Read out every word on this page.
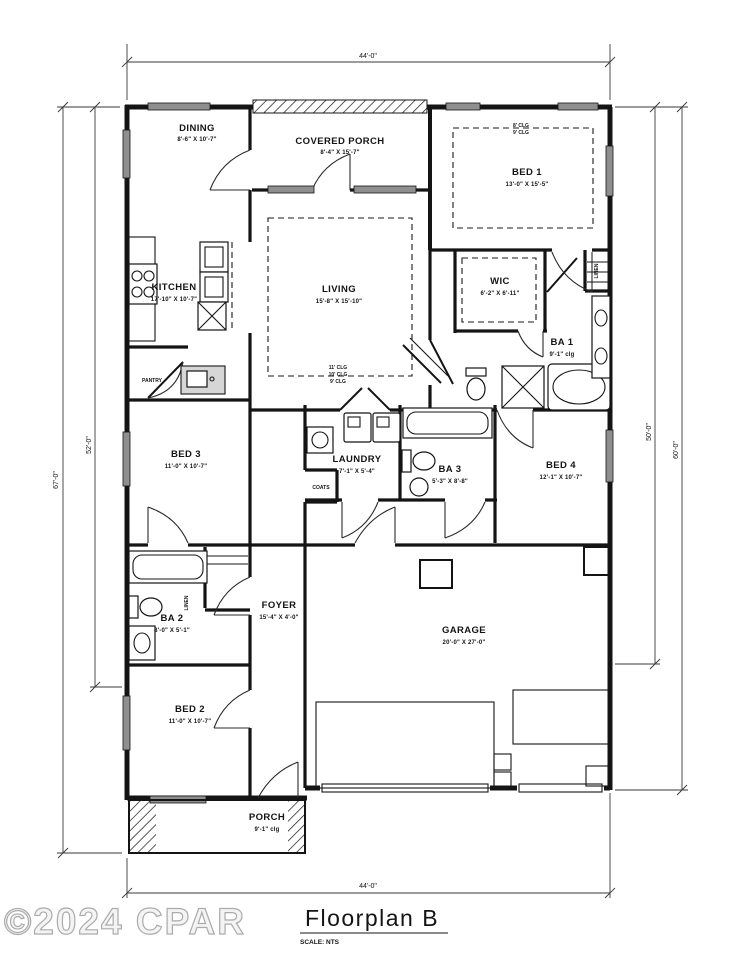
44'-0"
44'-0"
67'-0"
52'-0"
50'-0"
60'-0"
DINING
8'-6" X 10'-7"	COVERED PORCH
8'-4" X 15'-7"
8' CLG
9' CLG
BED 1
13'-0" X 15'-5"
KITCHEN
17'-10" X 10'-7"
PANTRY
LIVING
15'-8" X 15'-10"
11' CLG
10' CLG
9' CLG
WIC
6'-2" X 6'-11"
LINEN
BA 1
9'-1" clg
BED 3
11'-0" X 10'-7"
LAUNDRY
7'-1" X 5'-4"
COATS
BA 3
5'-3" X 8'-8"
BED 4
12'-1" X 10'-7"
BA 2
8'-0" X 5'-1"
LINEN	FOYER
15'-4" X 4'-0"
BED 2
11'-0" X 10'-7"
GARAGE
20'-0" X 27'-0"
PORCH
9'-1" clg
©2024 CPAR	Floorplan B
SCALE: NTS
